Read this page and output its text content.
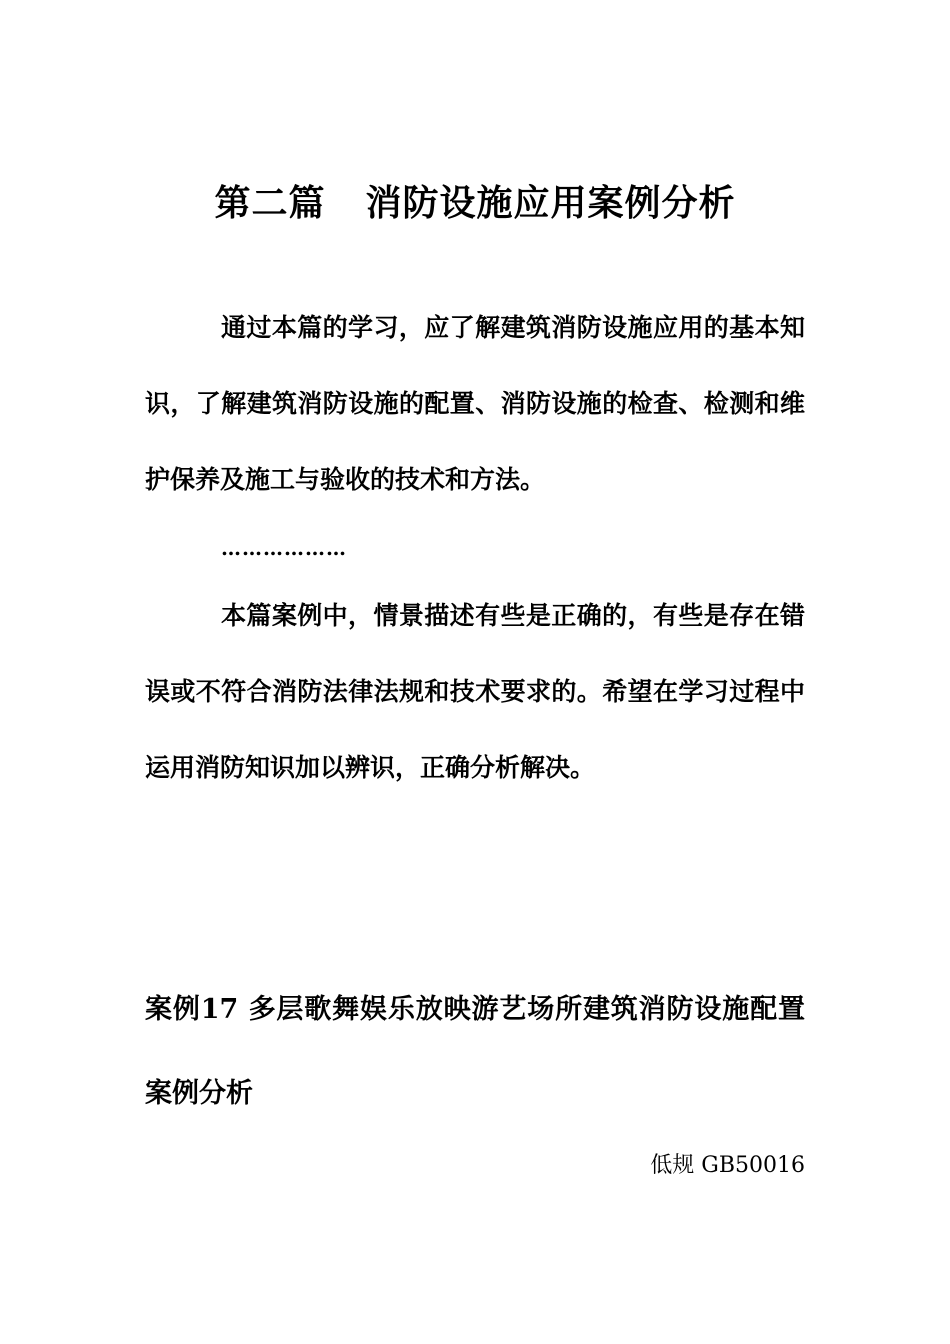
第二篇 消防设施应用案例分析

通过本篇的学习，应了解建筑消防设施应用的基本知识，了解建筑消防设施的配置、消防设施的检查、检测和维护保养及施工与验收的技术和方法。

………………

本篇案例中，情景描述有些是正确的，有些是存在错误或不符合消防法律法规和技术要求的。希望在学习过程中运用消防知识加以辨识，正确分析解决。

案例17 多层歌舞娱乐放映游艺场所建筑消防设施配置案例分析

低规 GB50016
